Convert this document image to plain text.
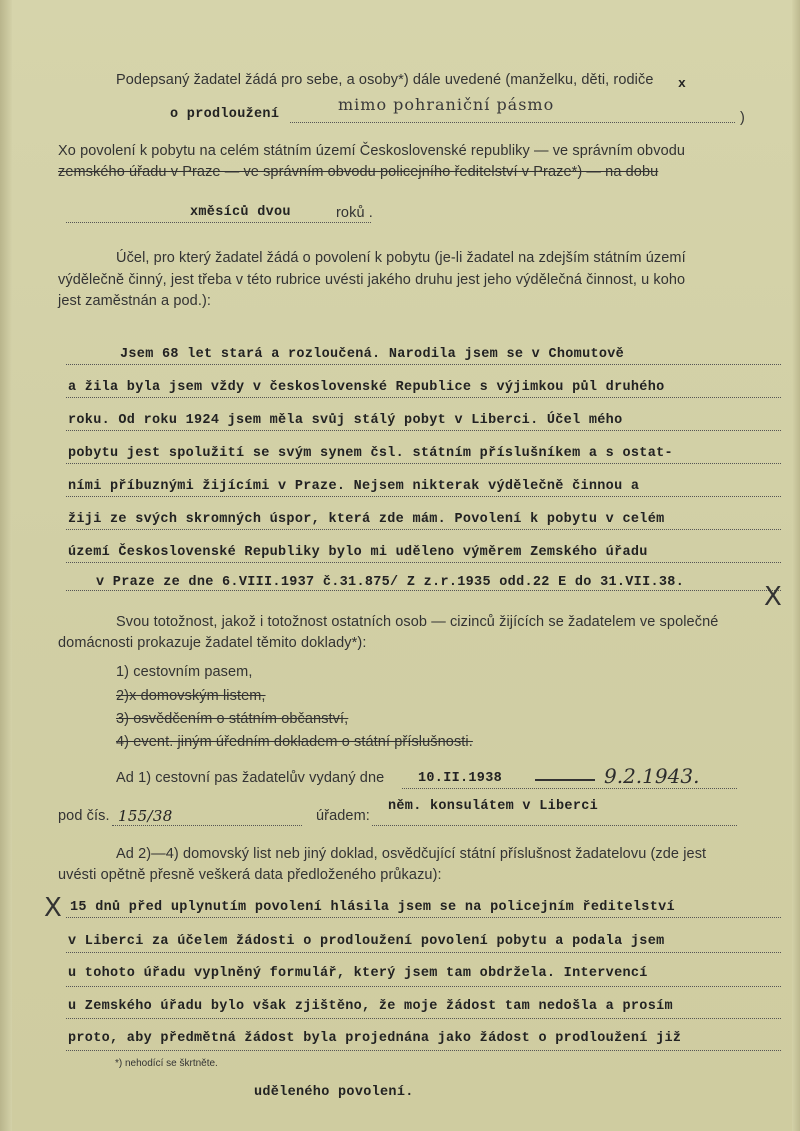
Podepsaný žadatel žádá pro sebe, a osoby*) dále uvedené (manželku, děti, rodiče x
o prodloužení
mimo pohraniční pásmo
)
Xo povolení k pobytu na celém státním území Československé republiky — ve správním obvodu
zemského úřadu v Praze — ve správním obvodu policejního ředitelství v Praze*) — na dobu
xměsíců dvou	roků .
Účel, pro který žadatel žádá o povolení k pobytu (je-li žadatel na zdejším státním území
výdělečně činný, jest třeba v této rubrice uvésti jakého druhu jest jeho výdělečná činnost, u koho
jest zaměstnán a pod.):
Jsem 68 let stará a rozloučená. Narodila jsem se v Chomutově
a žila byla jsem vždy v československé Republice s výjimkou půl druhého
roku. Od roku 1924 jsem měla svůj stálý pobyt v Liberci. Účel mého
pobytu jest spolužití se svým synem čsl. státním příslušníkem a s ostat-
ními příbuznými žijícími v Praze. Nejsem nikterak výdělečně činnou a
žiji ze svých skromných úspor, která zde mám. Povolení k pobytu v celém
území Československé Republiky bylo mi uděleno výměrem Zemského úřadu
v Praze ze dne 6.VIII.1937 č.31.875/ Z z.r.1935 odd.22 E do 31.VII.38.	X
Svou totožnost, jakož i totožnost ostatních osob — cizinců žijících se žadatelem ve společné
domácnosti prokazuje žadatel těmito doklady*):
1) cestovním pasem,
2)x domovským listem,
3) osvědčením o státním občanství,
4) event. jiným úředním dokladem o státní příslušnosti.
Ad 1) cestovní pas žadatelův vydaný dne 10.II.1938	9.2.1943.
pod čís. 155/38	úřadem:
něm. konsulátem v Liberci
Ad 2)—4) domovský list neb jiný doklad, osvědčující státní příslušnost žadatelovu (zde jest
uvésti opětně přesně veškerá data předloženého průkazu):
X 15 dnů před uplynutím povolení hlásila jsem se na policejním ředitelství
v Liberci za účelem žádosti o prodloužení povolení pobytu a podala jsem
u tohoto úřadu vyplněný formulář, který jsem tam obdržela. Intervencí
u Zemského úřadu bylo však zjištěno, že moje žádost tam nedošla a prosím
proto, aby předmětná žádost byla projednána jako žádost o prodloužení již
uděleného povolení.
*) nehodící se škrtněte.
